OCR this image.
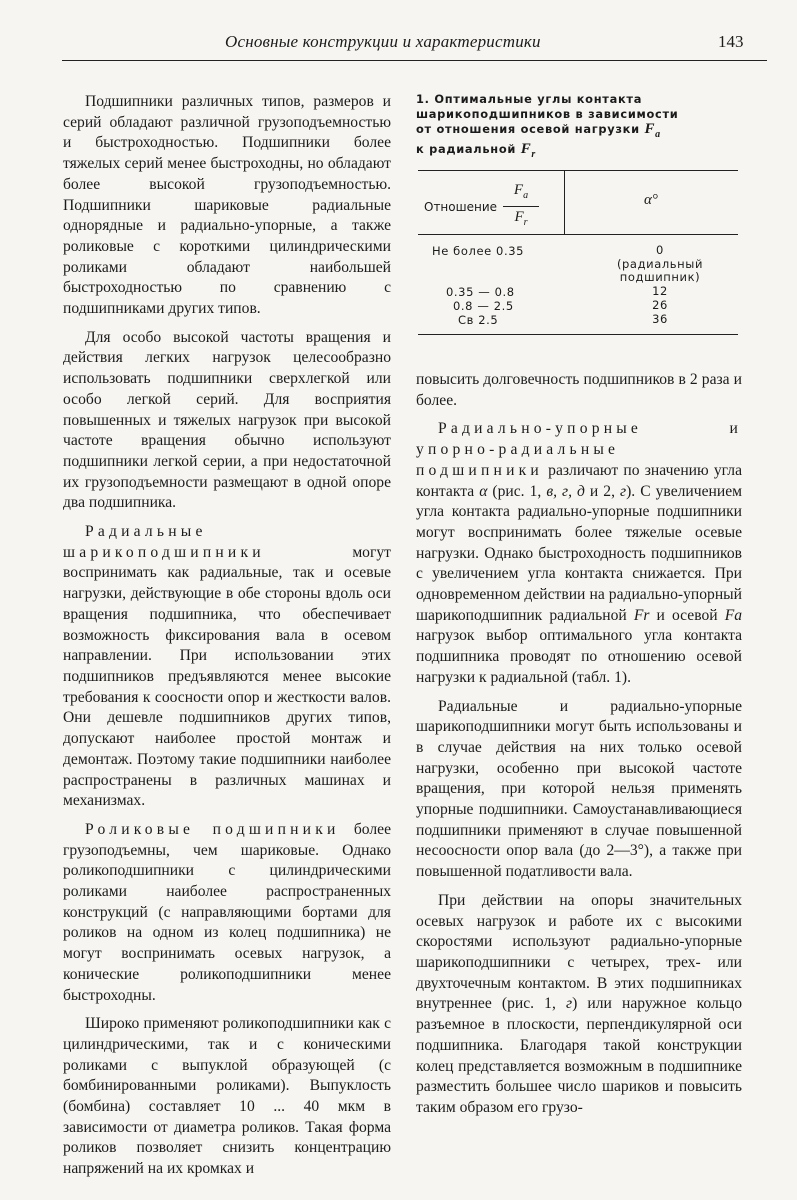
Основные конструкции и характеристики	143

Подшипники различных типов, размеров и серий обладают различной грузоподъемностью и быстроходностью. Подшипники более тяжелых серий менее быстроходны, но обладают более высокой грузоподъемностью. Подшипники шариковые радиальные однорядные и радиально-упорные, а также роликовые с короткими цилиндрическими роликами обладают наибольшей быстроходностью по сравнению с подшипниками других типов.

Для особо высокой частоты вращения и действия легких нагрузок целесообразно использовать подшипники сверхлегкой или особо легкой серий. Для восприятия повышенных и тяжелых нагрузок при высокой частоте вращения обычно используют подшипники легкой серии, а при недостаточной их грузоподъемности размещают в одной опоре два подшипника.

Радиальные шарикоподшипники	могут воспринимать как радиальные, так и осевые нагрузки, действующие в обе стороны вдоль оси вращения подшипника, что обеспечивает возможность фиксирования вала в осевом направлении. При использовании этих подшипников предъявляются менее высокие требования к соосности опор и жесткости валов. Они дешевле подшипников других типов, допускают наиболее простой монтаж и демонтаж. Поэтому такие подшипники наиболее распространены в различных машинах и механизмах.

Роликовые подшипники более грузоподъемны, чем шариковые. Однако роликоподшипники с цилиндрическими роликами наиболее распространенных конструкций (с направляющими бортами для роликов на одном из колец подшипника) не могут воспринимать осевых нагрузок, а конические роликоподшипники менее быстроходны.

Широко применяют роликоподшипники как с цилиндрическими, так и с коническими роликами с выпуклой образующей (с бомбинированными роликами). Выпуклость (бомбина) составляет 10 ... 40 мкм в зависимости от диаметра роликов. Такая форма роликов позволяет снизить концентрацию напряжений на их кромках и

1. Оптимальные углы контакта
шарикоподшипников в зависимости
от отношения осевой нагрузки $F_a$
к радиальной $F_r$
Отношение
$F_a$
$F_r$
α°
Не более 0.35	0
(радиальный
подшипник)
0.35 — 0.8	12
0.8 — 2.5	26
Св 2.5	36

повысить долговечность подшипников в 2 раза и более.

Радиально-упорные и упорно-радиальные подшипники различают по значению угла контакта α (рис. 1, в, г, д и 2, г). С увеличением угла контакта радиально-упорные подшипники могут воспринимать более тяжелые осевые нагрузки. Однако быстроходность подшипников с увеличением угла контакта снижается. При одновременном действии на радиально-упорный шарикоподшипник радиальной Fr и осевой Fa нагрузок выбор оптимального угла контакта подшипника проводят по отношению осевой нагрузки к радиальной (табл. 1).

Радиальные и радиально-упорные шарикоподшипники могут быть использованы и в случае действия на них только осевой нагрузки, особенно при высокой частоте вращения, при которой нельзя применять упорные подшипники. Самоустанавливающиеся подшипники применяют в случае повышенной несоосности опор вала (до 2—3°), а также при повышенной податливости вала.

При действии на опоры значительных осевых нагрузок и работе их с высокими скоростями используют радиально-упорные шарикоподшипники с четырех, трех- или двухточечным контактом. В этих подшипниках внутреннее (рис. 1, г) или наружное кольцо разъемное в плоскости, перпендикулярной оси подшипника. Благодаря такой конструкции колец представляется возможным в подшипнике разместить большее число шариков и повысить таким образом его грузо-
